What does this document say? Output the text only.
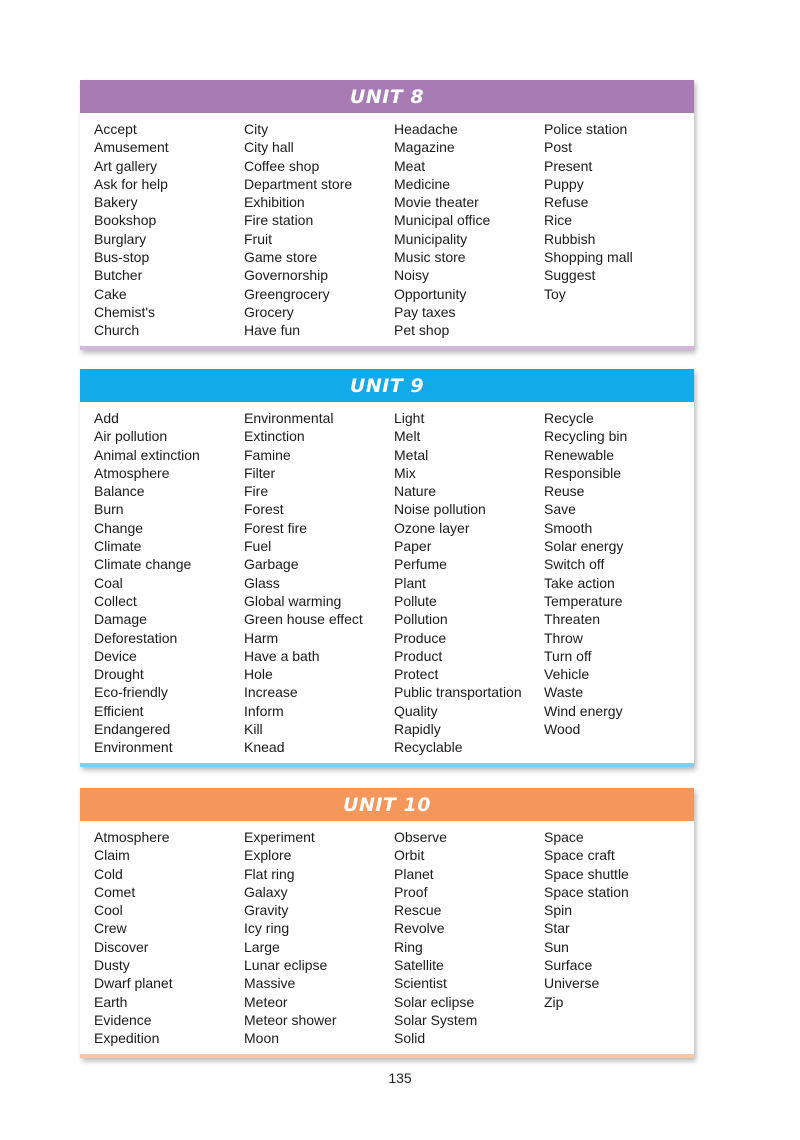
UNIT 8
Accept
Amusement
Art gallery
Ask for help
Bakery
Bookshop
Burglary
Bus-stop
Butcher
Cake
Chemist's
Church
City
City hall
Coffee shop
Department store
Exhibition
Fire station
Fruit
Game store
Governorship
Greengrocery
Grocery
Have fun
Headache
Magazine
Meat
Medicine
Movie theater
Municipal office
Municipality
Music store
Noisy
Opportunity
Pay taxes
Pet shop
Police station
Post
Present
Puppy
Refuse
Rice
Rubbish
Shopping mall
Suggest
Toy
UNIT 9
Add
Air pollution
Animal extinction
Atmosphere
Balance
Burn
Change
Climate
Climate change
Coal
Collect
Damage
Deforestation
Device
Drought
Eco-friendly
Efficient
Endangered
Environment
Environmental
Extinction
Famine
Filter
Fire
Forest
Forest fire
Fuel
Garbage
Glass
Global warming
Green house effect
Harm
Have a bath
Hole
Increase
Inform
Kill
Knead
Light
Melt
Metal
Mix
Nature
Noise pollution
Ozone layer
Paper
Perfume
Plant
Pollute
Pollution
Produce
Product
Protect
Public transportation
Quality
Rapidly
Recyclable
Recycle
Recycling bin
Renewable
Responsible
Reuse
Save
Smooth
Solar energy
Switch off
Take action
Temperature
Threaten
Throw
Turn off
Vehicle
Waste
Wind energy
Wood
UNIT 10
Atmosphere
Claim
Cold
Comet
Cool
Crew
Discover
Dusty
Dwarf planet
Earth
Evidence
Expedition
Experiment
Explore
Flat ring
Galaxy
Gravity
Icy ring
Large
Lunar eclipse
Massive
Meteor
Meteor shower
Moon
Observe
Orbit
Planet
Proof
Rescue
Revolve
Ring
Satellite
Scientist
Solar eclipse
Solar System
Solid
Space
Space craft
Space shuttle
Space station
Spin
Star
Sun
Surface
Universe
Zip
135
